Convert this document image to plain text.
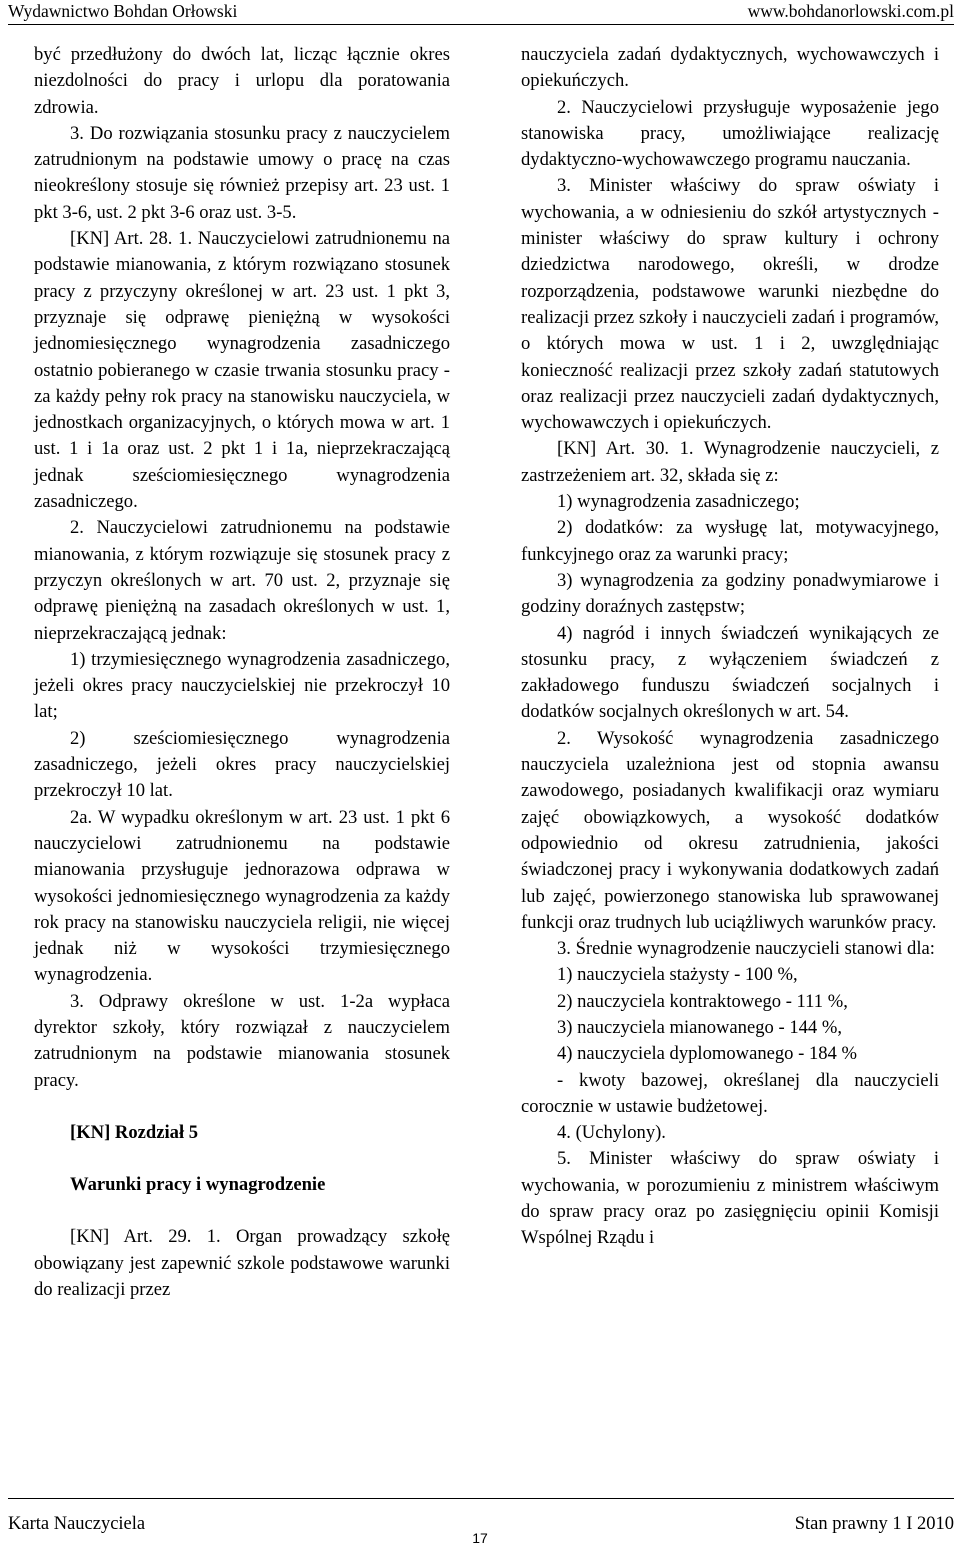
Wydawnictwo Bohdan Orłowski	www.bohdanorlowski.com.pl

być przedłużony do dwóch lat, licząc łącznie okres niezdolności do pracy i urlopu dla poratowania zdrowia.

3. Do rozwiązania stosunku pracy z nauczycielem zatrudnionym na podstawie umowy o pracę na czas nieokreślony stosuje się również przepisy art. 23 ust. 1 pkt 3-6, ust. 2 pkt 3-6 oraz ust. 3-5.

[KN] Art. 28. 1. Nauczycielowi zatrudnionemu na podstawie mianowania, z którym rozwiązano stosunek pracy z przyczyny określonej w art. 23 ust. 1 pkt 3, przyznaje się odprawę pieniężną w wysokości jednomiesięcznego wynagrodzenia zasadniczego ostatnio pobieranego w czasie trwania stosunku pracy - za każdy pełny rok pracy na stanowisku nauczyciela, w jednostkach organizacyjnych, o których mowa w art. 1 ust. 1 i 1a oraz ust. 2 pkt 1 i 1a, nieprzekraczającą jednak sześciomiesięcznego wynagrodzenia zasadniczego.

2. Nauczycielowi zatrudnionemu na podstawie mianowania, z którym rozwiązuje się stosunek pracy z przyczyn określonych w art. 70 ust. 2, przyznaje się odprawę pieniężną na zasadach określonych w ust. 1, nieprzekraczającą jednak:

1) trzymiesięcznego wynagrodzenia zasadniczego, jeżeli okres pracy nauczycielskiej nie przekroczył 10 lat;

2) sześciomiesięcznego wynagrodzenia zasadniczego, jeżeli okres pracy nauczycielskiej przekroczył 10 lat.

2a. W wypadku określonym w art. 23 ust. 1 pkt 6 nauczycielowi zatrudnionemu na podstawie mianowania przysługuje jednorazowa odprawa w wysokości jednomiesięcznego wynagrodzenia za każdy rok pracy na stanowisku nauczyciela religii, nie więcej jednak niż w wysokości trzymiesięcznego wynagrodzenia.

3. Odprawy określone w ust. 1-2a wypłaca dyrektor szkoły, który rozwiązał z nauczycielem zatrudnionym na podstawie mianowania stosunek pracy.

[KN] Rozdział 5

Warunki pracy i wynagrodzenie

[KN] Art. 29. 1. Organ prowadzący szkołę obowiązany jest zapewnić szkole podstawowe warunki do realizacji przez

nauczyciela zadań dydaktycznych, wychowawczych i opiekuńczych.

2. Nauczycielowi przysługuje wyposażenie jego stanowiska pracy, umożliwiające realizację dydaktyczno-wychowawczego programu nauczania.

3. Minister właściwy do spraw oświaty i wychowania, a w odniesieniu do szkół artystycznych - minister właściwy do spraw kultury i ochrony dziedzictwa narodowego, określi, w drodze rozporządzenia, podstawowe warunki niezbędne do realizacji przez szkoły i nauczycieli zadań i programów, o których mowa w ust. 1 i 2, uwzględniając konieczność realizacji przez szkoły zadań statutowych oraz realizacji przez nauczycieli zadań dydaktycznych, wychowawczych i opiekuńczych.

[KN] Art. 30. 1. Wynagrodzenie nauczycieli, z zastrzeżeniem art. 32, składa się z:

1) wynagrodzenia zasadniczego;

2) dodatków: za wysługę lat, motywacyjnego, funkcyjnego oraz za warunki pracy;

3) wynagrodzenia za godziny ponadwymiarowe i godziny doraźnych zastępstw;

4) nagród i innych świadczeń wynikających ze stosunku pracy, z wyłączeniem świadczeń z zakładowego funduszu świadczeń socjalnych i dodatków socjalnych określonych w art. 54.

2. Wysokość wynagrodzenia zasadniczego nauczyciela uzależniona jest od stopnia awansu zawodowego, posiadanych kwalifikacji oraz wymiaru zajęć obowiązkowych, a wysokość dodatków odpowiednio od okresu zatrudnienia, jakości świadczonej pracy i wykonywania dodatkowych zadań lub zajęć, powierzonego stanowiska lub sprawowanej funkcji oraz trudnych lub uciążliwych warunków pracy.

3. Średnie wynagrodzenie nauczycieli stanowi dla:

1) nauczyciela stażysty - 100 %,

2) nauczyciela kontraktowego - 111 %,

3) nauczyciela mianowanego - 144 %,

4) nauczyciela dyplomowanego - 184 %

- kwoty bazowej, określanej dla nauczycieli corocznie w ustawie budżetowej.

4. (Uchylony).

5. Minister właściwy do spraw oświaty i wychowania, w porozumieniu z ministrem właściwym do spraw pracy oraz po zasięgnięciu opinii Komisji Wspólnej Rządu i

Karta Nauczyciela	Stan prawny 1 I 2010
17
